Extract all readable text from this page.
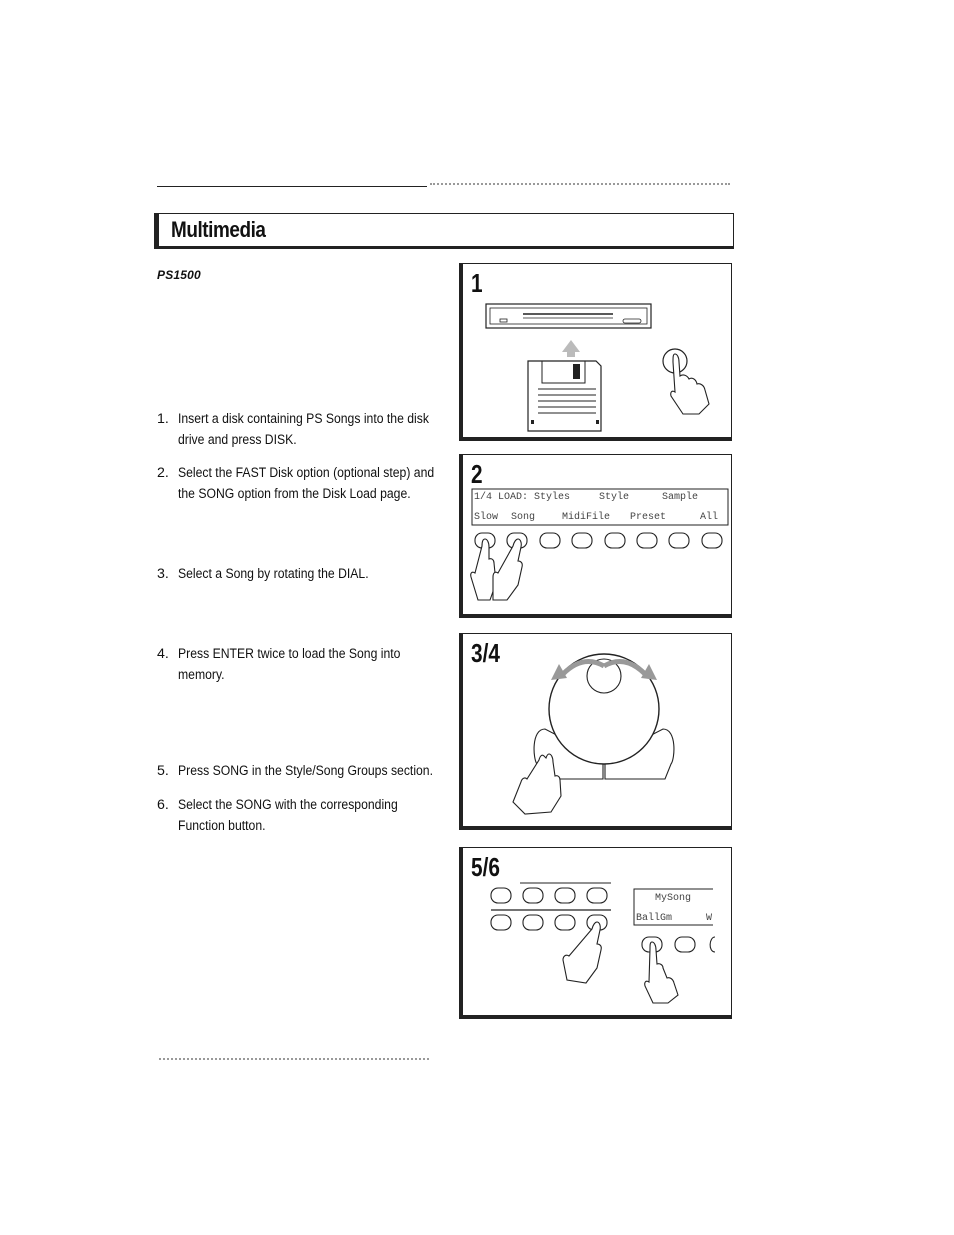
Multimedia
PS1500
1. Insert a disk containing PS Songs into the disk drive and press DISK.
2. Select the FAST Disk option (optional step) and the SONG option from the Disk Load page.
3. Select a Song by rotating the DIAL.
4. Press ENTER twice to load the Song into memory.
5. Press SONG in the Style/Song Groups section.
6. Select the SONG with the corresponding Function button.
1
2
1/4 LOAD: Styles	Style	Sample
Slow Song	MidiFile Preset	All
3/4
5/6
MySong
BallGm	W
